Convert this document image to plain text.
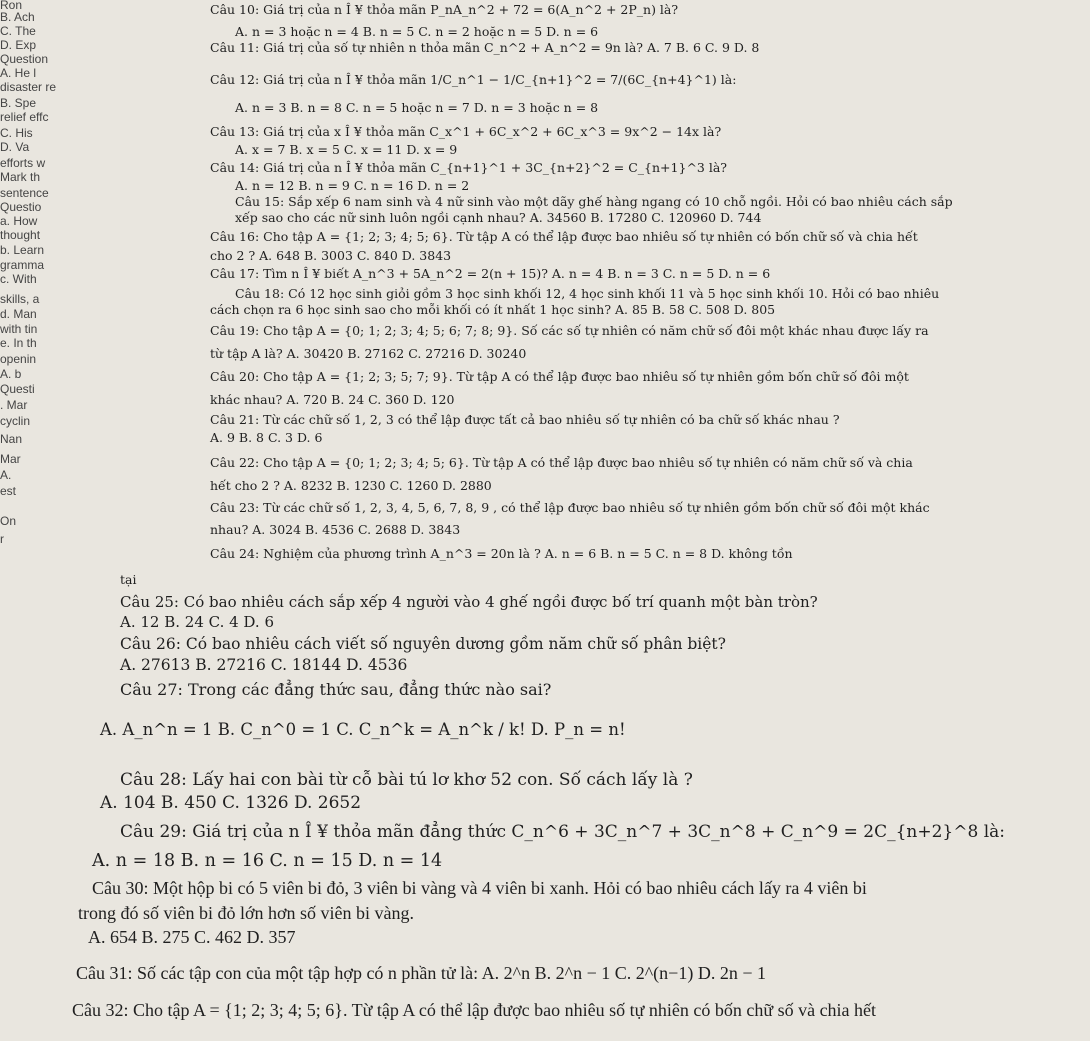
Ron
B. Ach
C. The
D. Exp
Question
A. He l
disaster re
B. Spe
relief effc
C. His
D. Va
efforts w
Mark th
sentence
Questio
a. How
thought
b. Learn
gramma
c. With
skills, a
d. Man
with tin
e. In th
openin
A. b
Questi
. Mar
cyclin
Nan
Mar
A.
est
On
r
Câu 10: Giá trị của n Î ¥ thỏa mãn P_nA_n^2 + 72 = 6(A_n^2 + 2P_n) là?
A. n = 3 hoặc n = 4 B. n = 5 C. n = 2 hoặc n = 5 D. n = 6
Câu 11: Giá trị của số tự nhiên n thỏa mãn C_n^2 + A_n^2 = 9n là? A. 7 B. 6 C. 9 D. 8
Câu 12: Giá trị của n Î ¥ thỏa mãn 1/C_n^1 − 1/C_{n+1}^2 = 7/(6C_{n+4}^1) là:
A. n = 3 B. n = 8 C. n = 5 hoặc n = 7 D. n = 3 hoặc n = 8
Câu 13: Giá trị của x Î ¥ thỏa mãn C_x^1 + 6C_x^2 + 6C_x^3 = 9x^2 − 14x là?
A. x = 7 B. x = 5 C. x = 11 D. x = 9
Câu 14: Giá trị của n Î ¥ thỏa mãn C_{n+1}^1 + 3C_{n+2}^2 = C_{n+1}^3 là?
A. n = 12 B. n = 9 C. n = 16 D. n = 2
Câu 15: Sắp xếp 6 nam sinh và 4 nữ sinh vào một dãy ghế hàng ngang có 10 chỗ ngồi. Hỏi có bao nhiêu cách sắp
xếp sao cho các nữ sinh luôn ngồi cạnh nhau? A. 34560 B. 17280 C. 120960 D. 744
Câu 16: Cho tập A = {1; 2; 3; 4; 5; 6}. Từ tập A có thể lập được bao nhiêu số tự nhiên có bốn chữ số và chia hết
cho 2 ? A. 648 B. 3003 C. 840 D. 3843
Câu 17: Tìm n Î ¥ biết A_n^3 + 5A_n^2 = 2(n + 15)? A. n = 4 B. n = 3 C. n = 5 D. n = 6
Câu 18: Có 12 học sinh giỏi gồm 3 học sinh khối 12, 4 học sinh khối 11 và 5 học sinh khối 10. Hỏi có bao nhiêu
cách chọn ra 6 học sinh sao cho mỗi khối có ít nhất 1 học sinh? A. 85 B. 58 C. 508 D. 805
Câu 19: Cho tập A = {0; 1; 2; 3; 4; 5; 6; 7; 8; 9}. Số các số tự nhiên có năm chữ số đôi một khác nhau được lấy ra
từ tập A là? A. 30420 B. 27162 C. 27216 D. 30240
Câu 20: Cho tập A = {1; 2; 3; 5; 7; 9}. Từ tập A có thể lập được bao nhiêu số tự nhiên gồm bốn chữ số đôi một
khác nhau? A. 720 B. 24 C. 360 D. 120
Câu 21: Từ các chữ số 1, 2, 3 có thể lập được tất cả bao nhiêu số tự nhiên có ba chữ số khác nhau ?
A. 9 B. 8 C. 3 D. 6
Câu 22: Cho tập A = {0; 1; 2; 3; 4; 5; 6}. Từ tập A có thể lập được bao nhiêu số tự nhiên có năm chữ số và chia
hết cho 2 ? A. 8232 B. 1230 C. 1260 D. 2880
Câu 23: Từ các chữ số 1, 2, 3, 4, 5, 6, 7, 8, 9 , có thể lập được bao nhiêu số tự nhiên gồm bốn chữ số đôi một khác
nhau? A. 3024 B. 4536 C. 2688 D. 3843
Câu 24: Nghiệm của phương trình A_n^3 = 20n là ? A. n = 6 B. n = 5 C. n = 8 D. không tồn
tại
Câu 25: Có bao nhiêu cách sắp xếp 4 người vào 4 ghế ngồi được bố trí quanh một bàn tròn?
A. 12 B. 24 C. 4 D. 6
Câu 26: Có bao nhiêu cách viết số nguyên dương gồm năm chữ số phân biệt?
A. 27613 B. 27216 C. 18144 D. 4536
Câu 27: Trong các đẳng thức sau, đẳng thức nào sai?
A. A_n^n = 1 B. C_n^0 = 1 C. C_n^k = A_n^k / k! D. P_n = n!
Câu 28: Lấy hai con bài từ cỗ bài tú lơ khơ 52 con. Số cách lấy là ?
A. 104 B. 450 C. 1326 D. 2652
Câu 29: Giá trị của n Î ¥ thỏa mãn đẳng thức C_n^6 + 3C_n^7 + 3C_n^8 + C_n^9 = 2C_{n+2}^8 là:
A. n = 18 B. n = 16 C. n = 15 D. n = 14
Câu 30: Một hộp bi có 5 viên bi đỏ, 3 viên bi vàng và 4 viên bi xanh. Hỏi có bao nhiêu cách lấy ra 4 viên bi
trong đó số viên bi đỏ lớn hơn số viên bi vàng.
A. 654 B. 275 C. 462 D. 357
Câu 31: Số các tập con của một tập hợp có n phần tử là: A. 2^n B. 2^n − 1 C. 2^(n−1) D. 2n − 1
Câu 32: Cho tập A = {1; 2; 3; 4; 5; 6}. Từ tập A có thể lập được bao nhiêu số tự nhiên có bốn chữ số và chia hết
